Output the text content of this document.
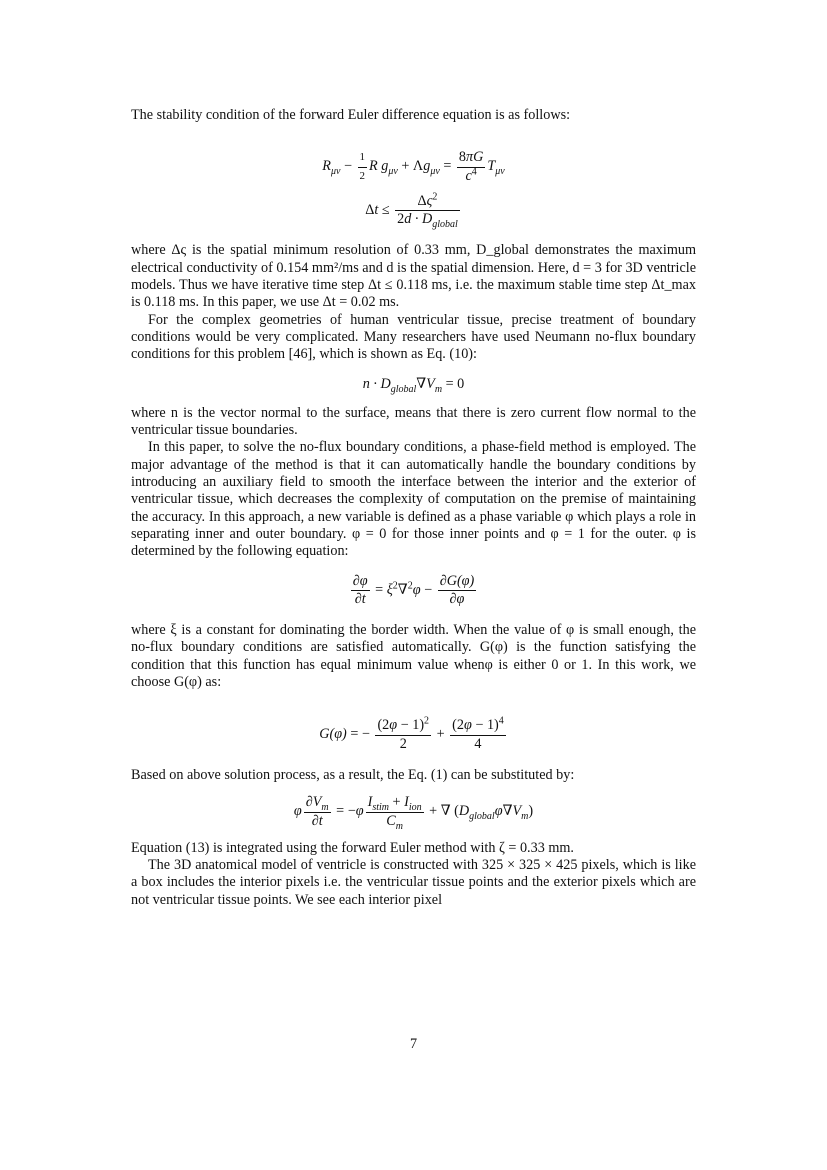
The stability condition of the forward Euler difference equation is as follows:

$R_{\mu\nu} - \frac{1}{2}$ R $g_{\mu\nu} + \Lambda g_{\mu\nu} = \frac{8\pi G}{c^4} T_{\mu\nu}$
$\Delta t \le \frac{\Delta\varsigma^2}{2d \cdot D_{global}}$

where Δς is the spatial minimum resolution of 0.33 mm, D_global demonstrates the maximum electrical conductivity of 0.154 mm²/ms and d is the spatial dimension. Here, d = 3 for 3D ventricle models. Thus we have iterative time step Δt ≤ 0.118 ms, i.e. the maximum stable time step Δt_max is 0.118 ms. In this paper, we use Δt = 0.02 ms.

For the complex geometries of human ventricular tissue, precise treatment of boundary conditions would be very complicated. Many researchers have used Neumann no-flux boundary conditions for this problem [46], which is shown as Eq. (10):

$n \cdot D_{global}\nabla V_m = 0$

where n is the vector normal to the surface, means that there is zero current flow normal to the ventricular tissue boundaries.

In this paper, to solve the no-flux boundary conditions, a phase-field method is employed. The major advantage of the method is that it can automatically handle the boundary conditions by introducing an auxiliary field to smooth the interface between the interior and the exterior of ventricular tissue, which decreases the complexity of computation on the premise of maintaining the accuracy. In this approach, a new variable is defined as a phase variable φ which plays a role in separating inner and outer boundary. φ = 0 for those inner points and φ = 1 for the outer. φ is determined by the following equation:

$\frac{\partial\varphi}{\partial t} = \xi^2\nabla^2\varphi - \frac{\partial G(\varphi)}{\partial\varphi}$

where ξ is a constant for dominating the border width. When the value of φ is small enough, the no-flux boundary conditions are satisfied automatically. G(φ) is the function satisfying the condition that this function has equal minimum value whenφ is either 0 or 1. In this work, we choose G(φ) as:

G(φ) = − $\frac{(2\varphi - 1)^2}{2} + \frac{(2\varphi - 1)^4}{4}$

Based on above solution process, as a result, the Eq. (1) can be substituted by:

φ $\frac{\partial V_m}{\partial t} = -\varphi \frac{I_{stim} + I_{ion}}{C_m}$ + ∇ $(D_{global}\varphi\nabla V_m)$

Equation (13) is integrated using the forward Euler method with ζ = 0.33 mm.

The 3D anatomical model of ventricle is constructed with 325 × 325 × 425 pixels, which is like a box includes the interior pixels i.e. the ventricular tissue points and the exterior pixels which are not ventricular tissue points. We see each interior pixel

7
